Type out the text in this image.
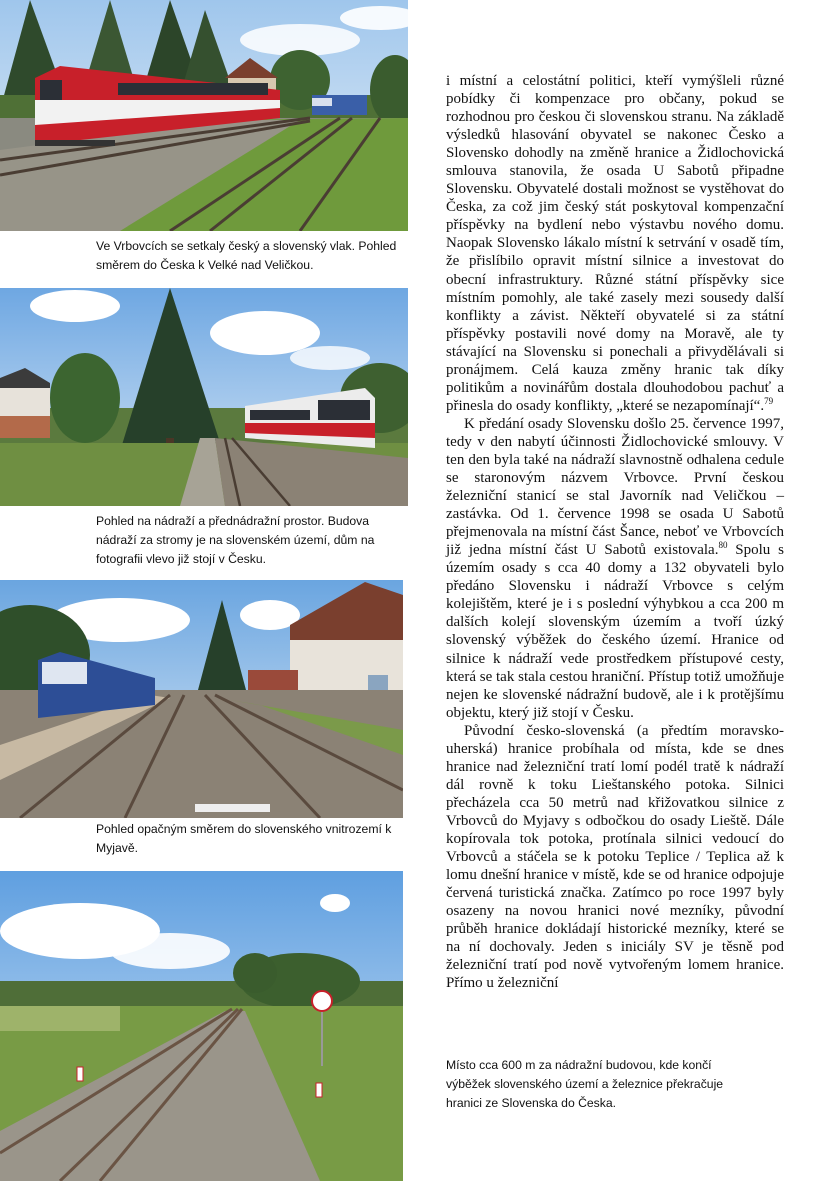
Ve Vrbovcích se setkaly český a slovenský vlak. Pohled směrem do Česka k Velké nad Veličkou.
Pohled na nádraží a přednádražní prostor. Budova nádraží za stromy je na slovenském území, dům na fotografii vlevo již stojí v Česku.
Pohled opačným směrem do slovenského vnitrozemí k Myjavě.
Místo cca 600 m za nádražní budovou, kde končí výběžek slovenského území a železnice překračuje hranici ze Slovenska do Česka.

i místní a celostátní politici, kteří vymýšleli různé pobídky či kompenzace pro občany, pokud se rozhodnou pro českou či slovenskou stranu. Na základě výsledků hlasování obyvatel se nakonec Česko a Slovensko dohodly na změně hranice a Židlochovická smlouva stanovila, že osada U Sabotů připadne Slovensku. Obyvatelé dostali možnost se vystěhovat do Česka, za což jim český stát poskytoval kompenzační příspěvky na bydlení nebo výstavbu nového domu. Naopak Slovensko lákalo místní k setrvání v osadě tím, že přislíbilo opravit místní silnice a investovat do obecní infrastruktury. Různé státní příspěvky sice místním pomohly, ale také zasely mezi sousedy další konflikty a závist. Někteří obyvatelé si za státní příspěvky postavili nové domy na Moravě, ale ty stávající na Slovensku si ponechali a přivydělávali si pronájmem. Celá kauza změny hranic tak díky politikům a novinářům dostala dlouhodobou pachuť a přinesla do osady konflikty, „které se nezapomínají“.$^{79}$

K předání osady Slovensku došlo 25. července 1997, tedy v den nabytí účinnosti Židlochovické smlouvy. V ten den byla také na nádraží slavnostně odhalena cedule se staronovým názvem Vrbovce. První českou železniční stanicí se stal Javorník nad Veličkou – zastávka. Od 1. července 1998 se osada U Sabotů přejmenovala na místní část Šance, neboť ve Vrbovcích již jedna místní část U Sabotů existovala.$^{80}$ Spolu s územím osady s cca 40 domy a 132 obyvateli bylo předáno Slovensku i nádraží Vrbovce s celým kolejištěm, které je i s poslední výhybkou a cca 200 m dalších kolejí slovenským územím a tvoří úzký slovenský výběžek do českého území. Hranice od silnice k nádraží vede prostředkem přístupové cesty, která se tak stala cestou hraniční. Přístup totiž umožňuje nejen ke slovenské nádražní budově, ale i k protějšímu objektu, který již stojí v Česku.

Původní česko-slovenská (a předtím moravsko-uherská) hranice probíhala od místa, kde se dnes hranice nad železniční tratí lomí podél tratě k nádraží dál rovně k toku Lieštanského potoka. Silnici přecházela cca 50 metrů nad křižovatkou silnice z Vrbovců do Myjavy s odbočkou do osady Lieště. Dále kopírovala tok potoka, protínala silnici vedoucí do Vrbovců a stáčela se k potoku Teplice / Teplica až k lomu dnešní hranice v místě, kde se od hranice odpojuje červená turistická značka. Zatímco po roce 1997 byly osazeny na novou hranici nové mezníky, původní průběh hranice dokládají historické mezníky, které se na ní dochovaly. Jeden s iniciály SV je těsně pod železniční tratí pod nově vytvořeným lomem hranice. Přímo u železniční
